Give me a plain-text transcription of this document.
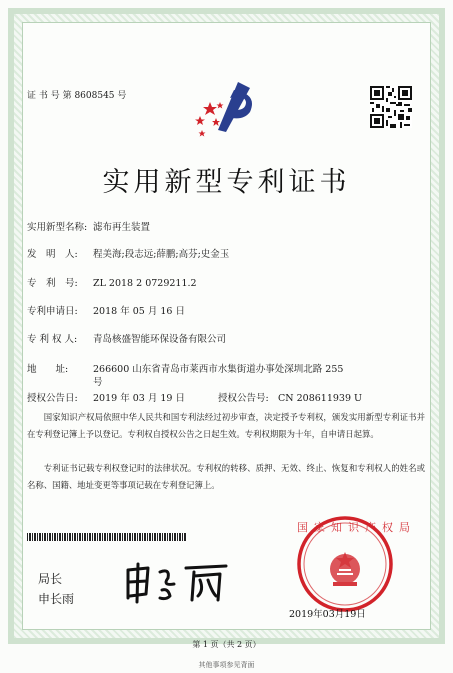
证 书 号 第 8608545 号
实用新型专利证书
实用新型名称: 滤布再生装置
发　明　人: 程美海;段志远;薛鹏;高芬;史金玉
专　利　号: ZL 2018 2 0729211.2
专利申请日: 2018 年 05 月 16 日
专 利 权 人: 青岛核盛智能环保设备有限公司
地　　址:	266600 山东省青岛市莱西市水集街道办事处深圳北路 255
号
授权公告日: 2019 年 03 月 19 日	授权公告号: CN 208611939 U
国家知识产权局依照中华人民共和国专利法经过初步审查，决定授予专利权，颁发实用新型专利证书并在专利登记簿上予以登记。专利权自授权公告之日起生效。专利权期限为十年，自申请日起算。
专利证书记载专利权登记时的法律状况。专利权的转移、质押、无效、终止、恢复和专利权人的姓名或名称、国籍、地址变更等事项记载在专利登记簿上。
局长
申长雨
国家知识产权局
2019年03月19日
第 1 页（共 2 页）
其他事项参见背面
